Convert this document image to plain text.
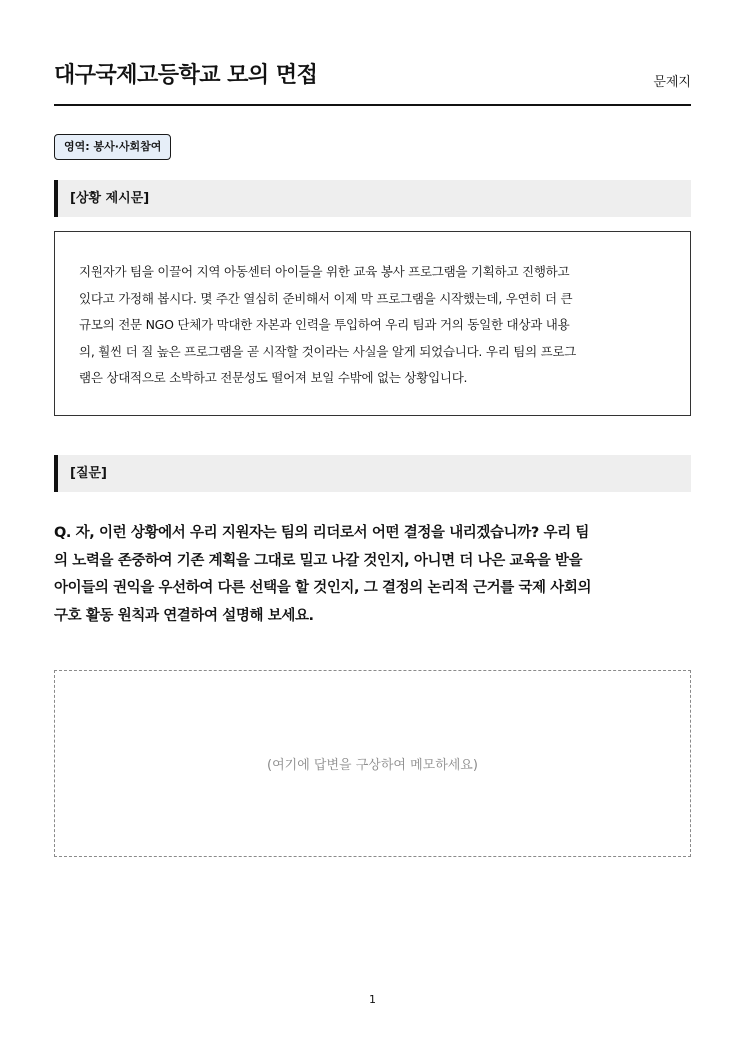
대구국제고등학교 모의 면접	문제지
영역: 봉사·사회참여
[상황 제시문]
지원자가 팀을 이끌어 지역 아동센터 아이들을 위한 교육 봉사 프로그램을 기획하고 진행하고
있다고 가정해 봅시다. 몇 주간 열심히 준비해서 이제 막 프로그램을 시작했는데, 우연히 더 큰
규모의 전문 NGO 단체가 막대한 자본과 인력을 투입하여 우리 팀과 거의 동일한 대상과 내용
의, 훨씬 더 질 높은 프로그램을 곧 시작할 것이라는 사실을 알게 되었습니다. 우리 팀의 프로그
램은 상대적으로 소박하고 전문성도 떨어져 보일 수밖에 없는 상황입니다.
[질문]
Q. 자, 이런 상황에서 우리 지원자는 팀의 리더로서 어떤 결정을 내리겠습니까? 우리 팀
의 노력을 존중하여 기존 계획을 그대로 밀고 나갈 것인지, 아니면 더 나은 교육을 받을
아이들의 권익을 우선하여 다른 선택을 할 것인지, 그 결정의 논리적 근거를 국제 사회의
구호 활동 원칙과 연결하여 설명해 보세요.
(여기에 답변을 구상하여 메모하세요)
1
